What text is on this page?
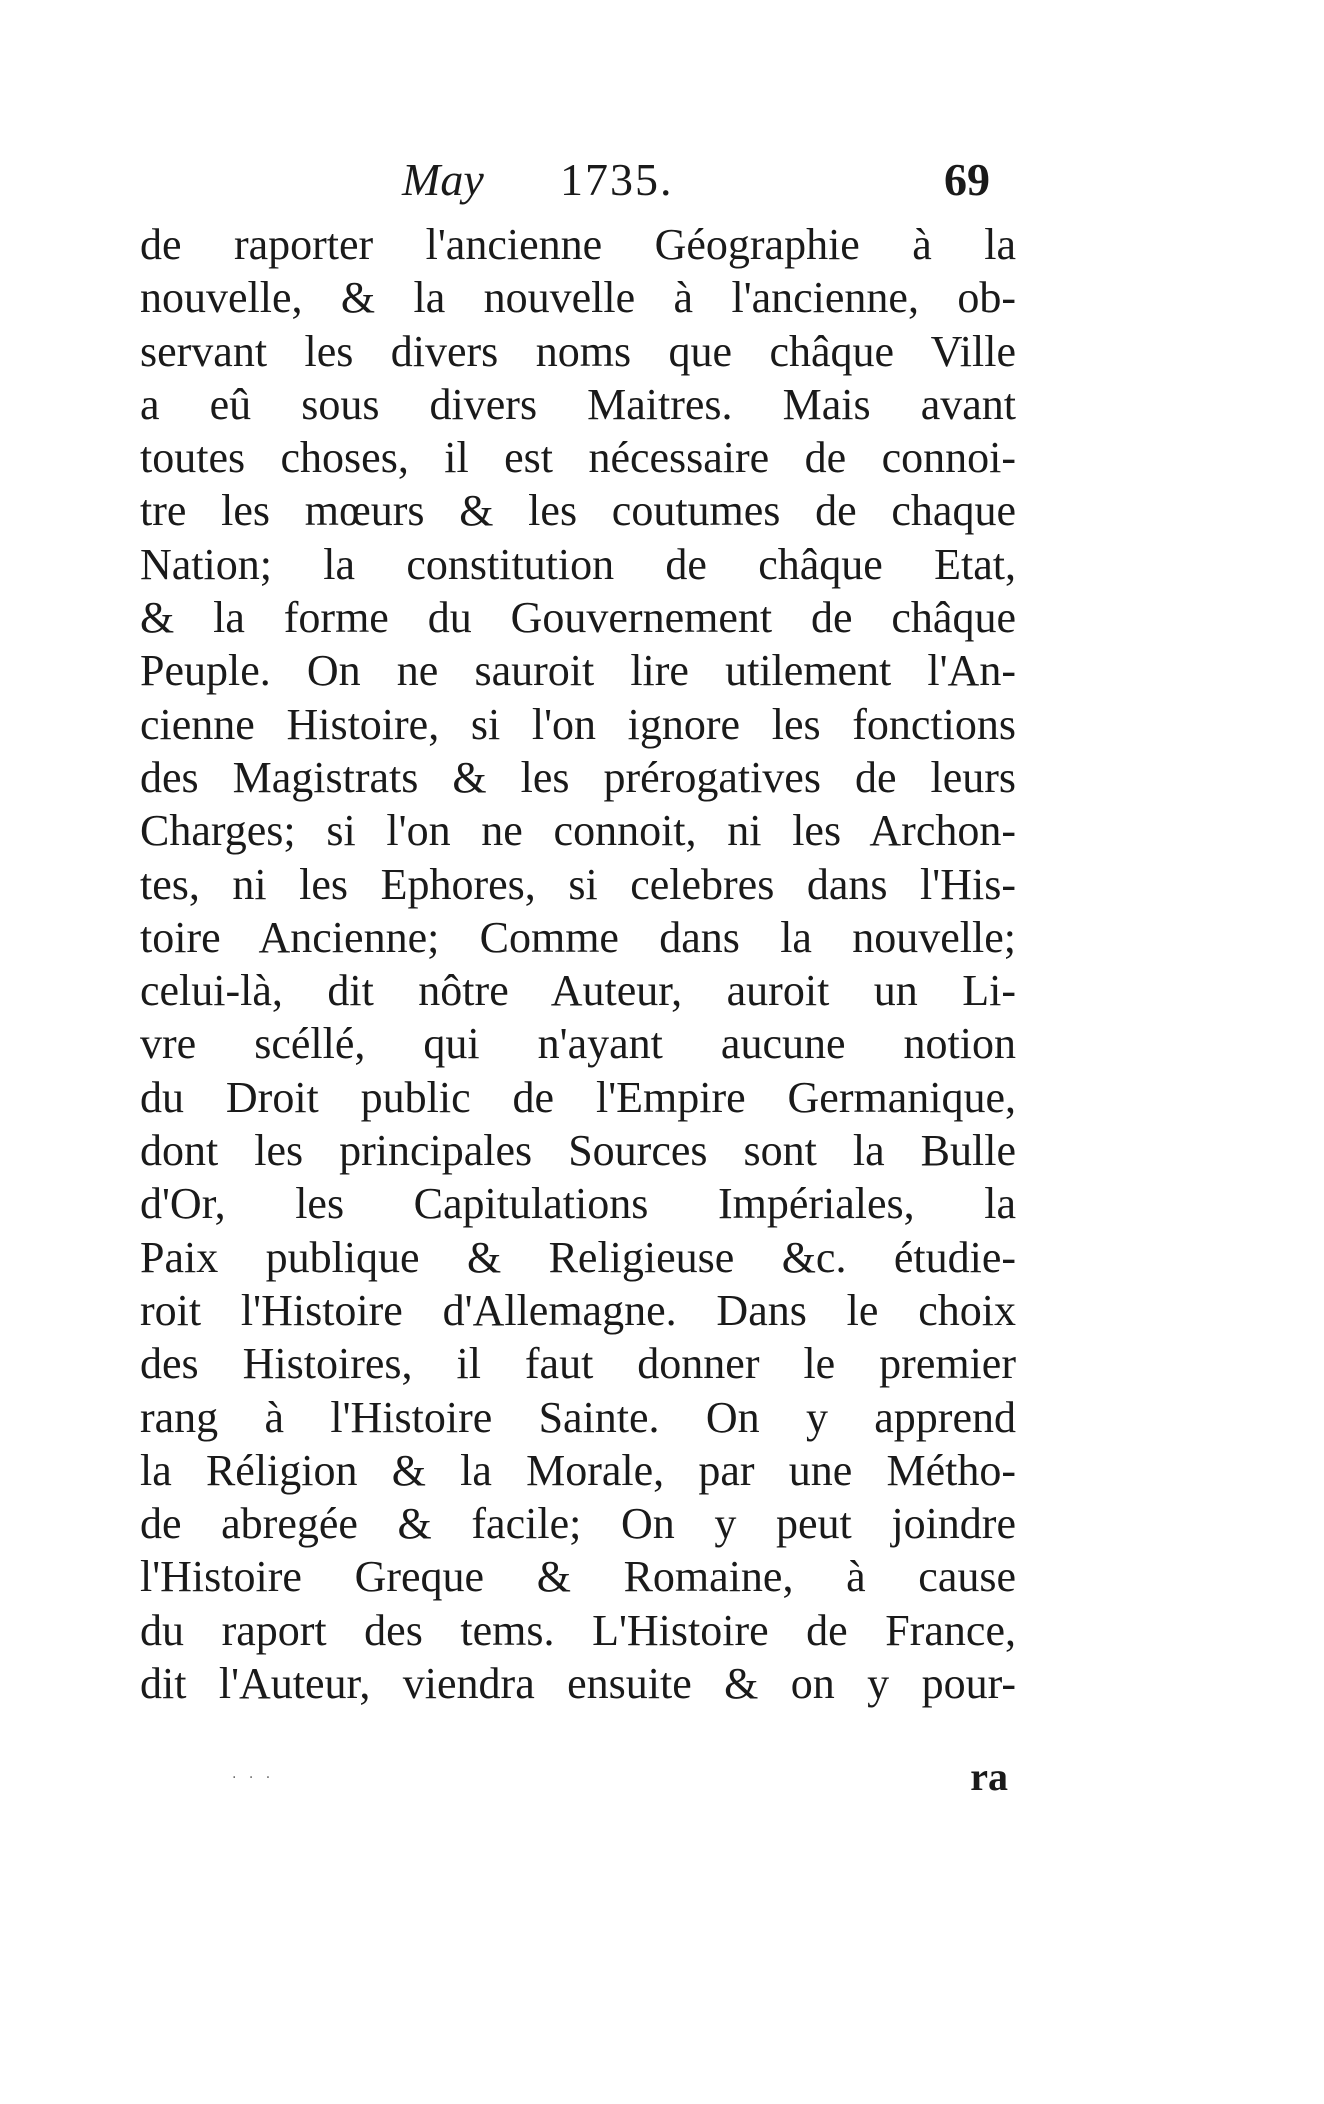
May 1735.	69
de raporter l'ancienne Géographie à la
nouvelle, & la nouvelle à l'ancienne, ob-
servant les divers noms que châque Ville
a eû sous divers Maitres. Mais avant
toutes choses, il est nécessaire de connoi-
tre les mœurs & les coutumes de chaque
Nation; la constitution de châque Etat,
& la forme du Gouvernement de châque
Peuple. On ne sauroit lire utilement l'An-
cienne Histoire, si l'on ignore les fonctions
des Magistrats & les prérogatives de leurs
Charges; si l'on ne connoit, ni les Archon-
tes, ni les Ephores, si celebres dans l'His-
toire Ancienne; Comme dans la nouvelle;
celui-là, dit nôtre Auteur, auroit un Li-
vre scéllé, qui n'ayant aucune notion
du Droit public de l'Empire Germanique,
dont les principales Sources sont la Bulle
d'Or, les Capitulations Impériales, la
Paix publique & Religieuse &c. étudie-
roit l'Histoire d'Allemagne. Dans le choix
des Histoires, il faut donner le premier
rang à l'Histoire Sainte. On y apprend
la Réligion & la Morale, par une Métho-
de abregée & facile; On y peut joindre
l'Histoire Greque & Romaine, à cause
du raport des tems. L'Histoire de France,
dit l'Auteur, viendra ensuite & on y pour-
· · ·	ra
